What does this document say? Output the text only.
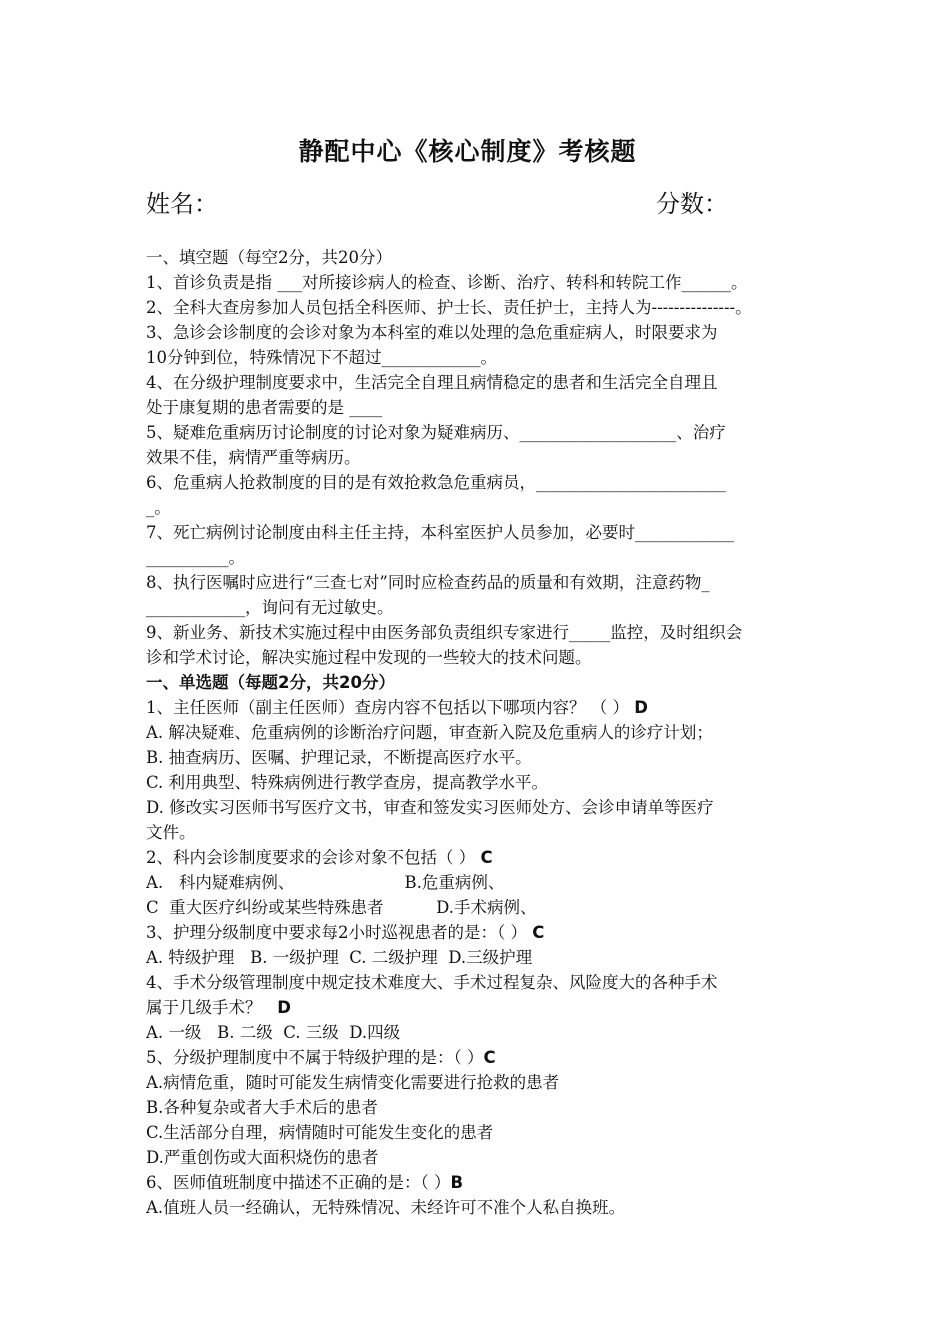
静配中心《核心制度》考核题
姓名：	分数：
一、填空题（每空2分，共20分）
1、首诊负责是指 ___对所接诊病人的检查、诊断、治疗、转科和转院工作______。
2、全科大查房参加人员包括全科医师、护士长、责任护士，主持人为---------------。
3、急诊会诊制度的会诊对象为本科室的难以处理的急危重症病人，时限要求为
10分钟到位，特殊情况下不超过____________。
4、在分级护理制度要求中，生活完全自理且病情稳定的患者和生活完全自理且
处于康复期的患者需要的是 ____
5、疑难危重病历讨论制度的讨论对象为疑难病历、___________________、治疗
效果不佳，病情严重等病历。
6、危重病人抢救制度的目的是有效抢救急危重病员，_______________________
_。
7、死亡病例讨论制度由科主任主持，本科室医护人员参加，必要时____________
__________。
8、执行医嘱时应进行“三查七对”同时应检查药品的质量和有效期，注意药物_
____________，询问有无过敏史。
9、新业务、新技术实施过程中由医务部负责组织专家进行_____监控，及时组织会
诊和学术讨论，解决实施过程中发现的一些较大的技术问题。
一、单选题（每题2分，共20分）
1、主任医师（副主任医师）查房内容不包括以下哪项内容？ （ ） D
A. 解决疑难、危重病例的诊断治疗问题，审查新入院及危重病人的诊疗计划；
B. 抽查病历、医嘱、护理记录，不断提高医疗水平。
C. 利用典型、特殊病例进行教学查房，提高教学水平。
D. 修改实习医师书写医疗文书，审查和签发实习医师处方、会诊申请单等医疗
文件。
2、科内会诊制度要求的会诊对象不包括（ ） C
A.   科内疑难病例、                     B.危重病例、
C  重大医疗纠纷或某些特殊患者          D.手术病例、
3、护理分级制度中要求每2小时巡视患者的是：（ ） C
A. 特级护理   B. 一级护理  C. 二级护理  D.三级护理
4、手术分级管理制度中规定技术难度大、手术过程复杂、风险度大的各种手术
属于几级手术？ D
A. 一级   B. 二级  C. 三级  D.四级
5、分级护理制度中不属于特级护理的是：（ ）C
A.病情危重，随时可能发生病情变化需要进行抢救的患者
B.各种复杂或者大手术后的患者
C.生活部分自理，病情随时可能发生变化的患者
D.严重创伤或大面积烧伤的患者
6、医师值班制度中描述不正确的是：（ ）B
A.值班人员一经确认，无特殊情况、未经许可不准个人私自换班。
